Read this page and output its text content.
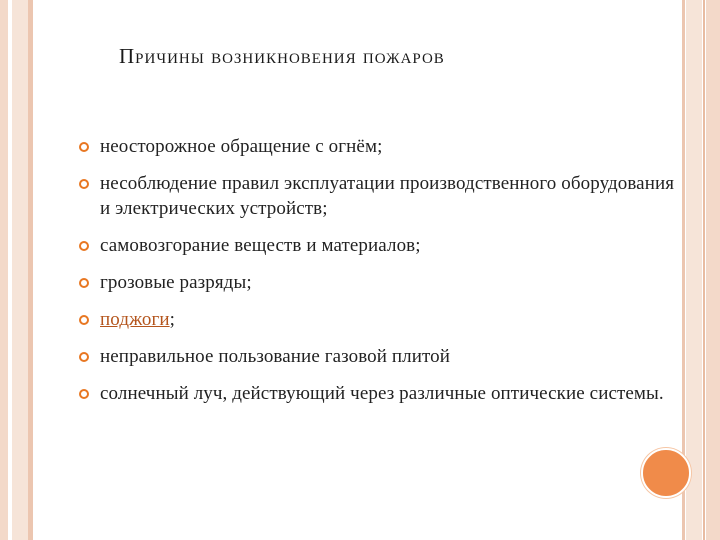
Причины возникновения пожаров
неосторожное обращение с огнём;
несоблюдение правил эксплуатации производственного оборудования и электрических устройств;
самовозгорание веществ и материалов;
грозовые разряды;
поджоги;
неправильное пользование газовой плитой
солнечный луч, действующий через различные оптические системы.
